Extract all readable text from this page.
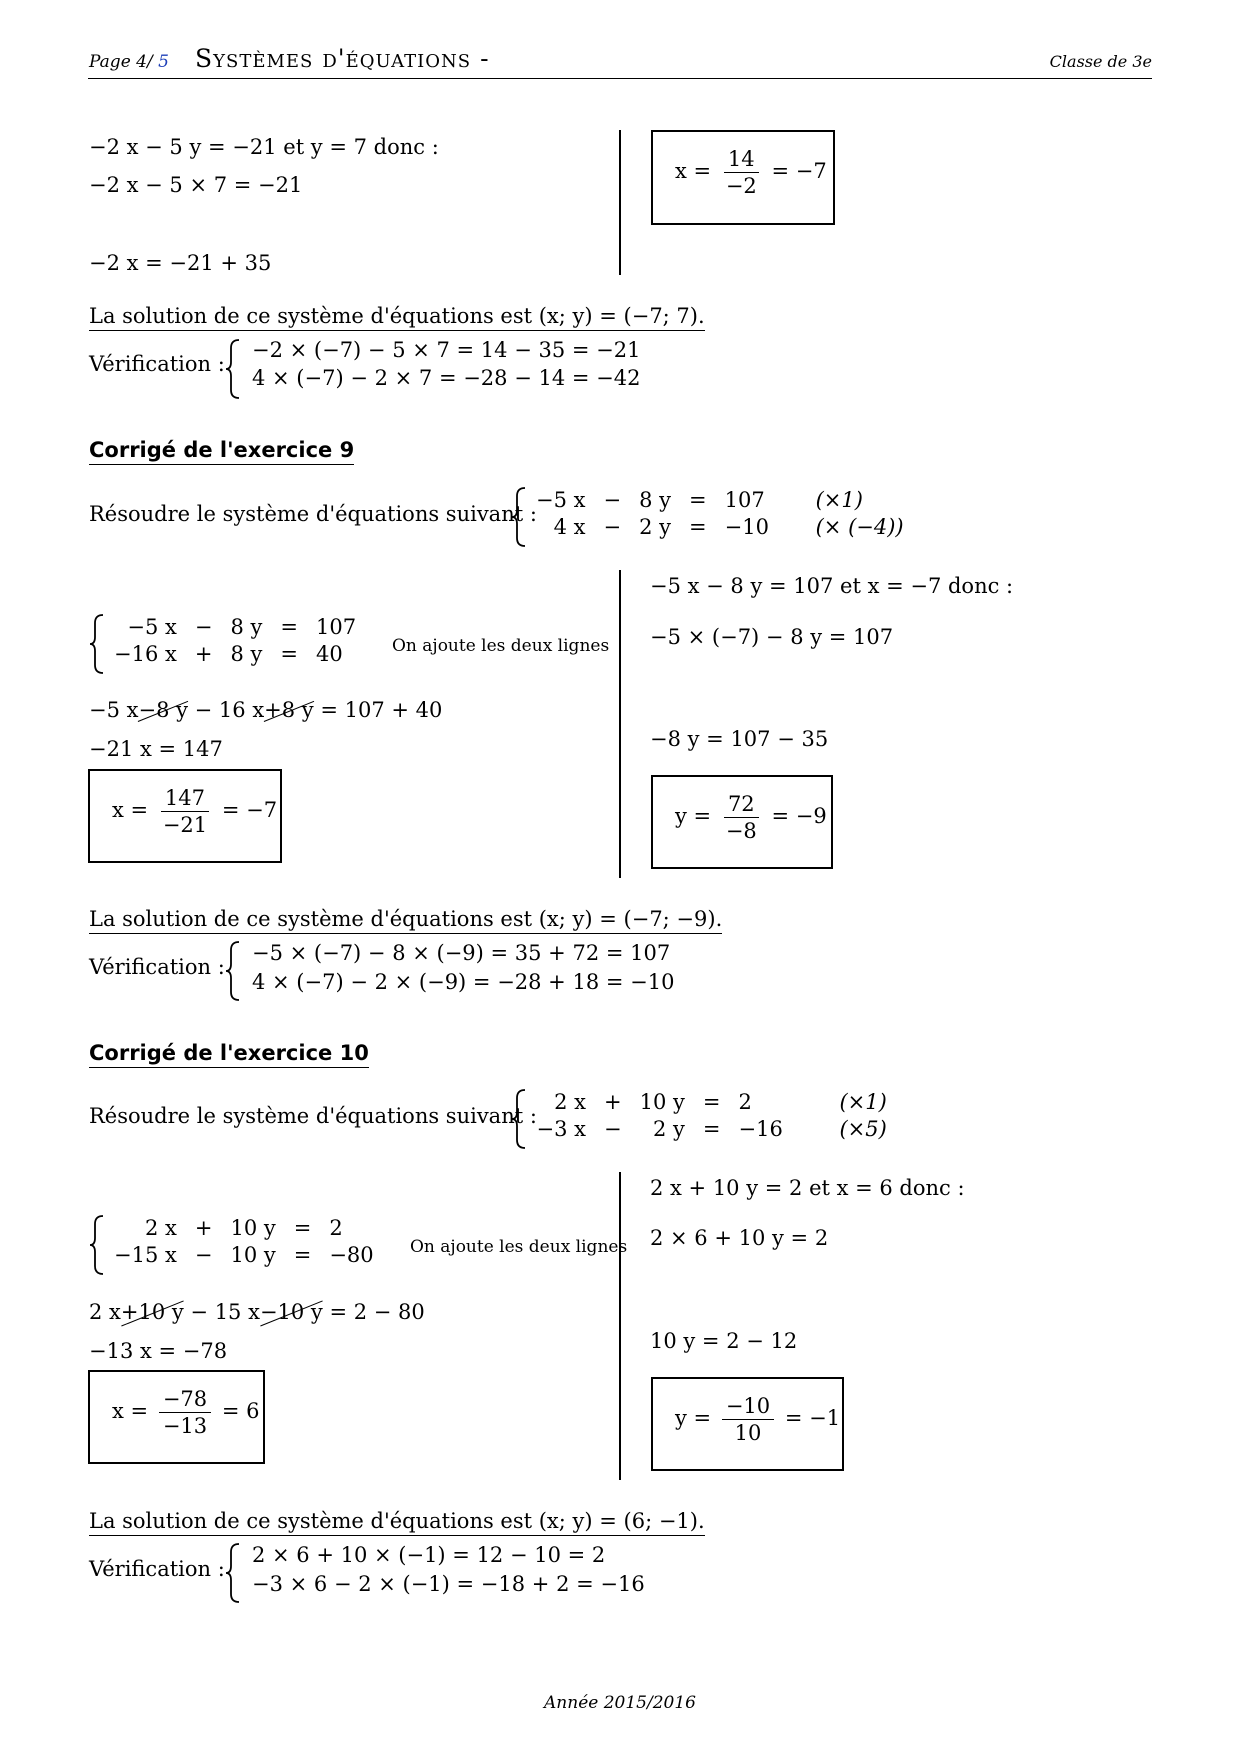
Page 4/ 5 Systèmes d'équations -	Classe de 3e
−2 x − 5 y = −21 et y = 7 donc :
−2 x − 5 × 7 = −21
−2 x = −21 + 35
$x = \frac{14}{-2} = -7$
La solution de ce système d'équations est (x; y) = (−7; 7).
Vérification :
−2 × (−7) − 5 × 7 = 14 − 35 = −21
4 × (−7) − 2 × 7 = −28 − 14 = −42
Corrigé de l'exercice 9
Résoudre le système d'équations suivant :
−5 x	−	8 y	=	107	(×1)
4 x	−	2 y	=	−10	(× (−4))
−5 x	−	8 y	=	107
−16 x	+	8 y	=	40	On ajoute les deux lignes
−5 x−8 y − 16 x+8 y = 107 + 40
−21 x = 147
$x = \frac{147}{-21} = -7$
−5 x − 8 y = 107 et x = −7 donc :
−5 × (−7) − 8 y = 107
−8 y = 107 − 35
$y = \frac{72}{-8} = -9$
La solution de ce système d'équations est (x; y) = (−7; −9).
Vérification :
−5 × (−7) − 8 × (−9) = 35 + 72 = 107
4 × (−7) − 2 × (−9) = −28 + 18 = −10
Corrigé de l'exercice 10
Résoudre le système d'équations suivant :
2 x	+	10 y	=	2	(×1)
−3 x	−	2 y	=	−16	(×5)
2 x	+	10 y	=	2
−15 x	−	10 y	=	−80 On ajoute les deux lignes
2 x+10 y − 15 x−10 y = 2 − 80
−13 x = −78
$x = \frac{-78}{-13} = 6$
2 x + 10 y = 2 et x = 6 donc :
2 × 6 + 10 y = 2
10 y = 2 − 12
$y = \frac{-10}{10} = -1$
La solution de ce système d'équations est (x; y) = (6; −1).
Vérification :
2 × 6 + 10 × (−1) = 12 − 10 = 2
−3 × 6 − 2 × (−1) = −18 + 2 = −16
Année 2015/2016
